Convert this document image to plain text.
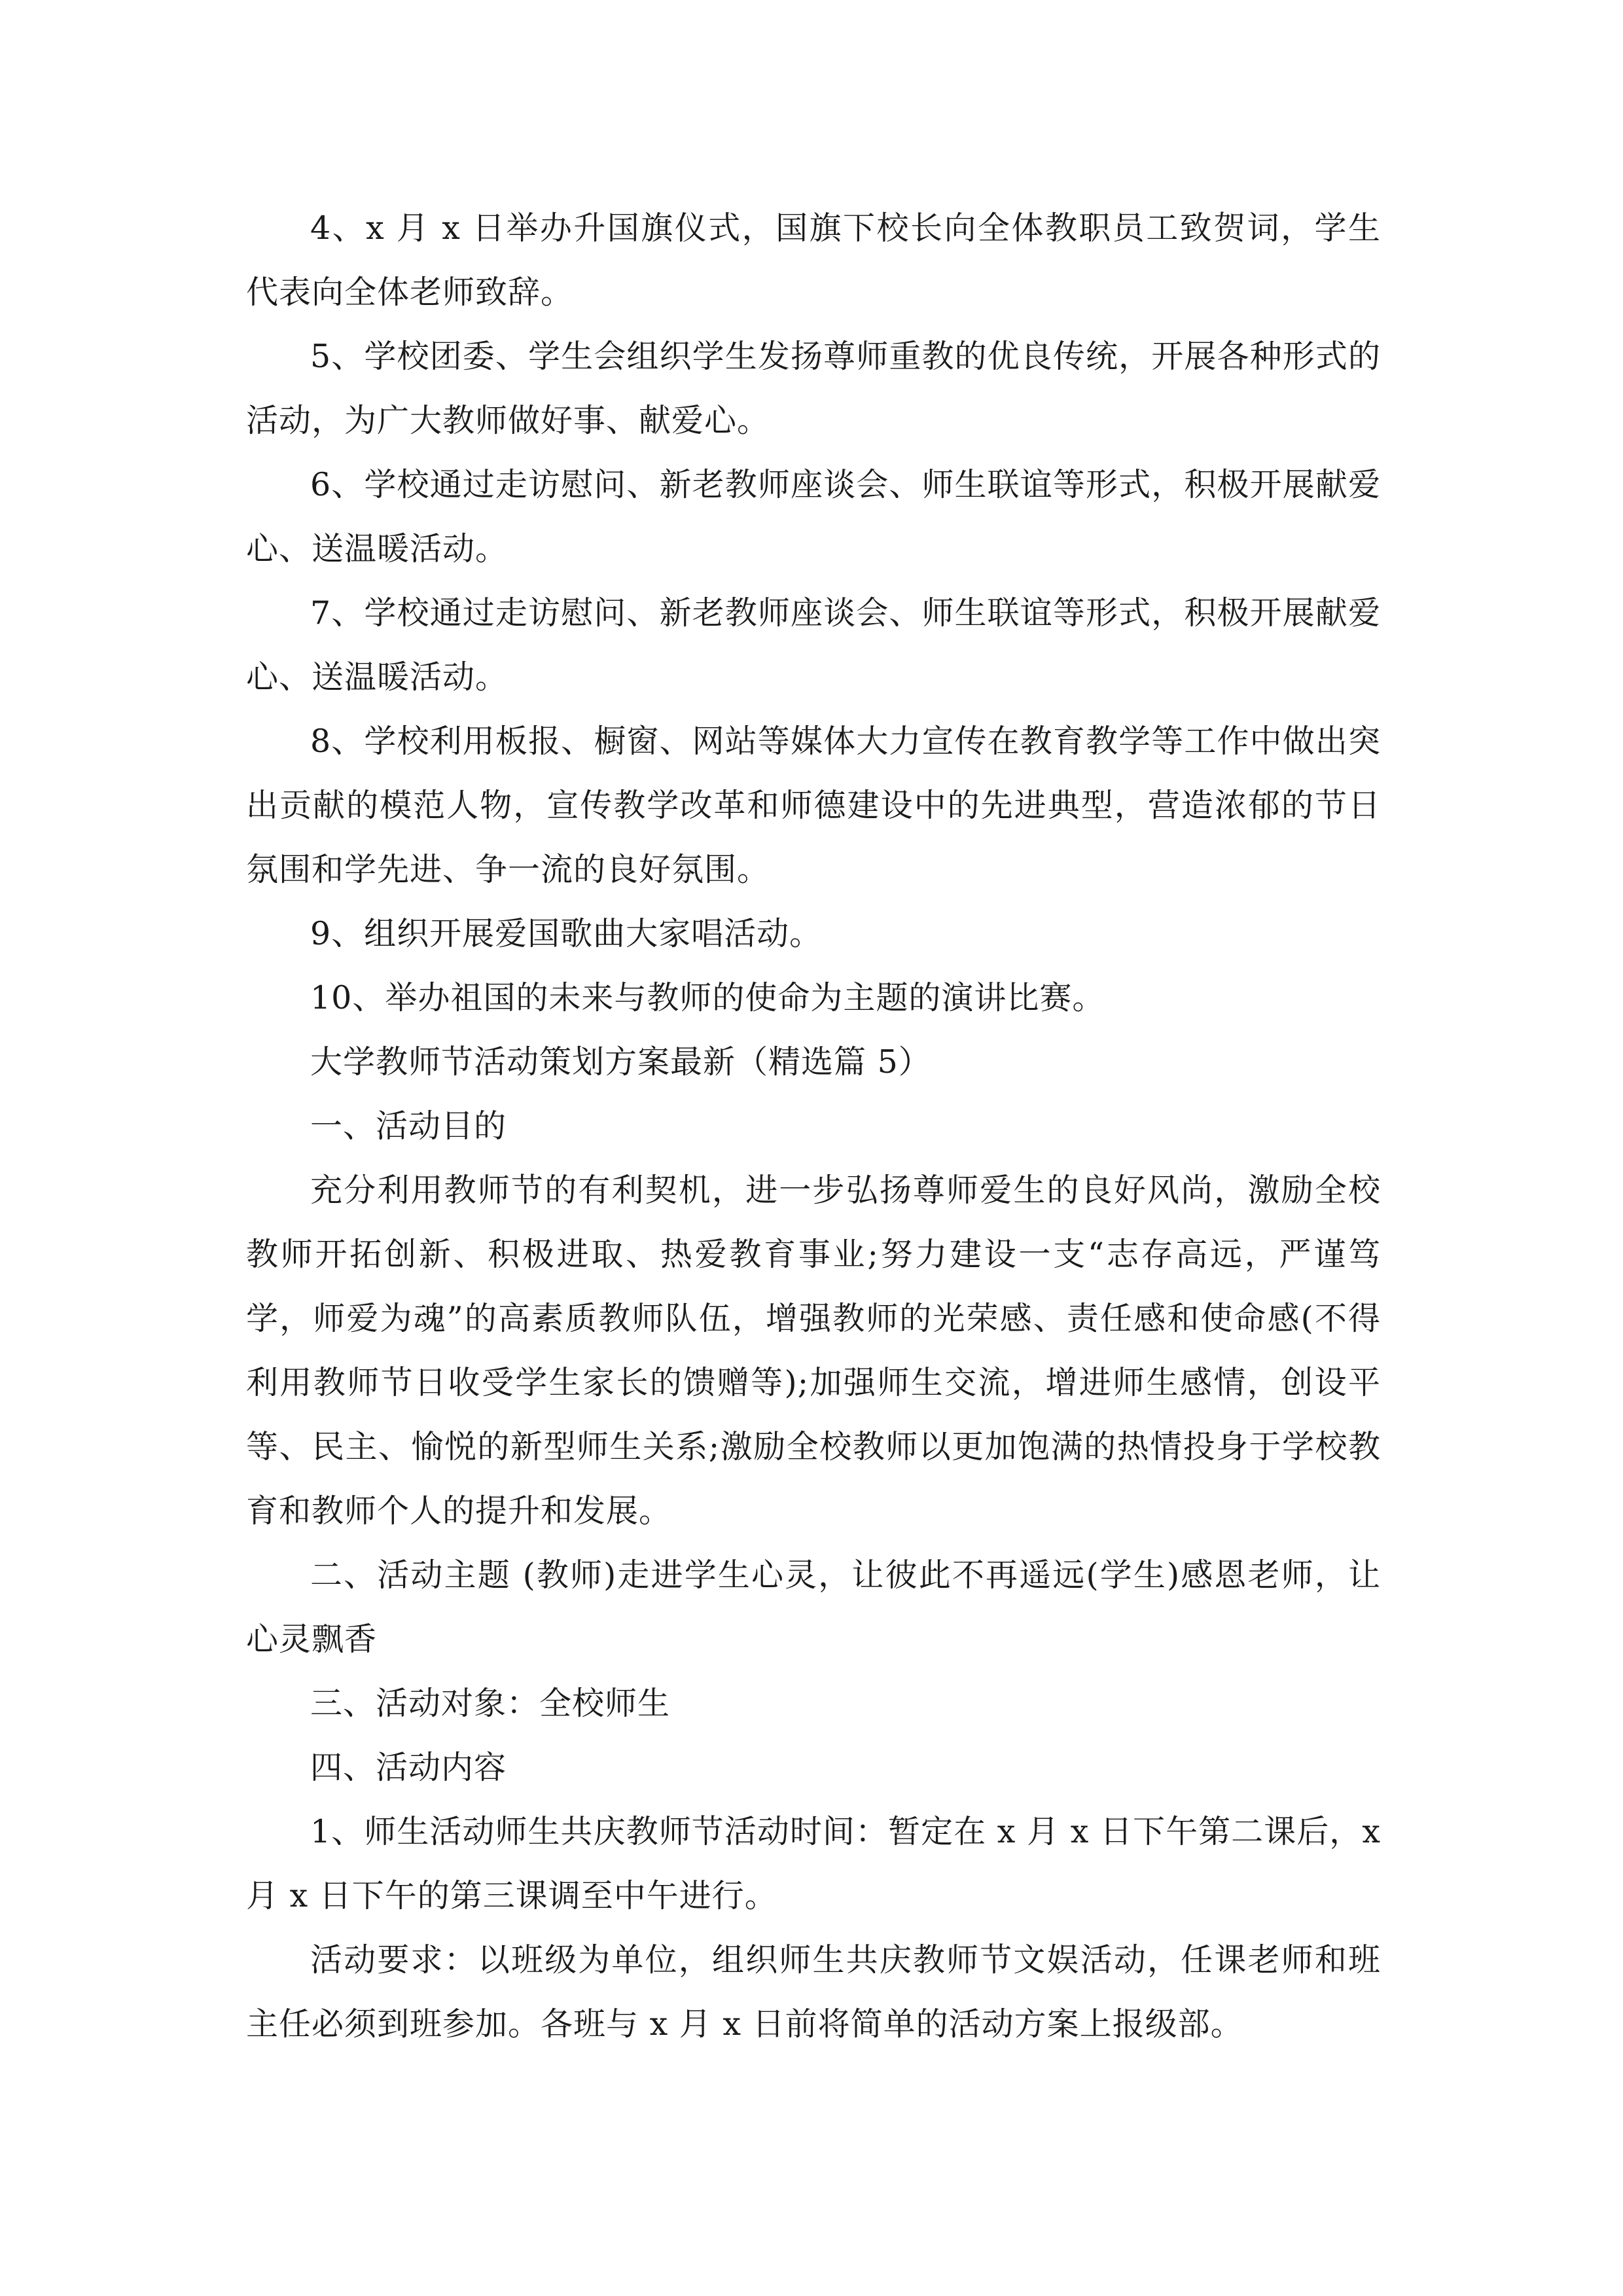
4、x 月 x 日举办升国旗仪式，国旗下校长向全体教职员工致贺词，学生代表向全体老师致辞。

5、学校团委、学生会组织学生发扬尊师重教的优良传统，开展各种形式的活动，为广大教师做好事、献爱心。

6、学校通过走访慰问、新老教师座谈会、师生联谊等形式，积极开展献爱心、送温暖活动。

7、学校通过走访慰问、新老教师座谈会、师生联谊等形式，积极开展献爱心、送温暖活动。

8、学校利用板报、橱窗、网站等媒体大力宣传在教育教学等工作中做出突出贡献的模范人物，宣传教学改革和师德建设中的先进典型，营造浓郁的节日氛围和学先进、争一流的良好氛围。

9、组织开展爱国歌曲大家唱活动。

10、举办祖国的未来与教师的使命为主题的演讲比赛。

大学教师节活动策划方案最新（精选篇 5）

一、活动目的

充分利用教师节的有利契机，进一步弘扬尊师爱生的良好风尚，激励全校教师开拓创新、积极进取、热爱教育事业;努力建设一支“志存高远，严谨笃学，师爱为魂”的高素质教师队伍，增强教师的光荣感、责任感和使命感(不得利用教师节日收受学生家长的馈赠等);加强师生交流，增进师生感情，创设平等、民主、愉悦的新型师生关系;激励全校教师以更加饱满的热情投身于学校教育和教师个人的提升和发展。

二、活动主题 (教师)走进学生心灵，让彼此不再遥远(学生)感恩老师，让心灵飘香

三、活动对象：全校师生

四、活动内容

1、师生活动师生共庆教师节活动时间：暂定在 x 月 x 日下午第二课后，x 月 x 日下午的第三课调至中午进行。

活动要求：以班级为单位，组织师生共庆教师节文娱活动，任课老师和班主任必须到班参加。各班与 x 月 x 日前将简单的活动方案上报级部。
